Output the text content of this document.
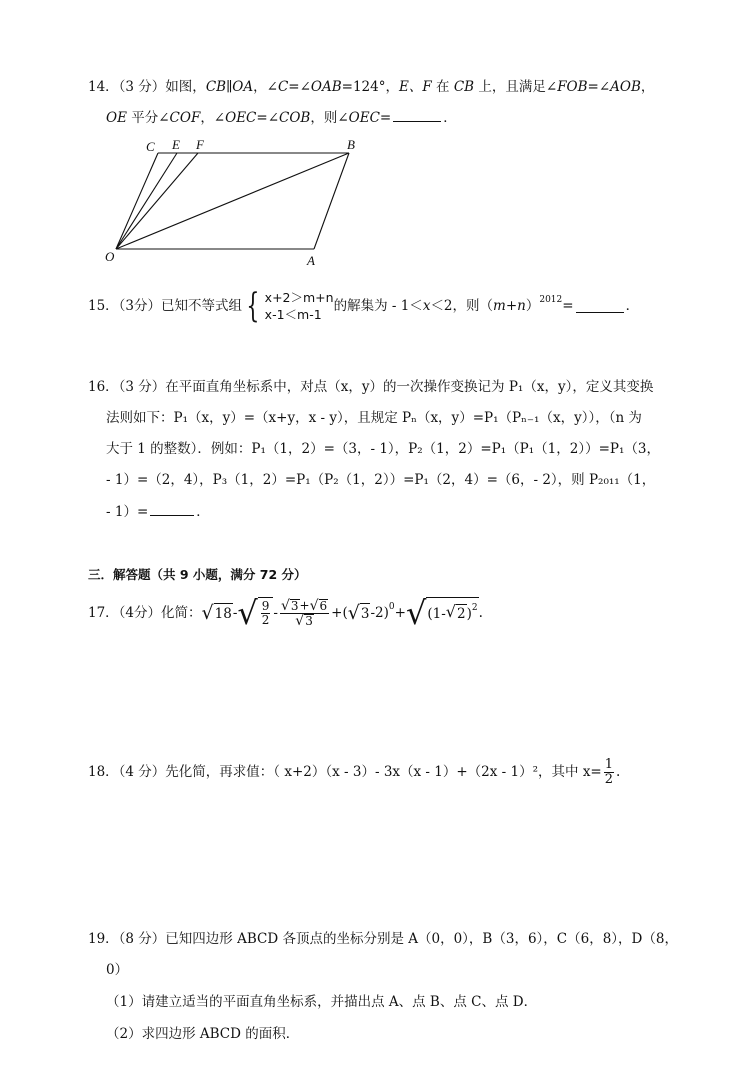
14．（3 分）如图，CB∥OA，∠C=∠OAB=124°，E、F 在 CB 上，且满足∠FOB=∠AOB，
OE 平分∠COF，∠OEC=∠COB，则∠OEC=	．
C E F	B
O	A
15．（3分）已知不等式组 { x+2＞m+n
x-1＜m-1
的解集为 - 1＜ x ＜2，则（ m+n ） 2012 =	．
16．（3 分）在平面直角坐标系中，对点（x，y）的一次操作变换记为 P₁（x，y），定义其变换
法则如下：P₁（x，y）=（x+y，x - y），且规定 Pₙ（x，y）=P₁（Pₙ₋₁（x，y）），（n 为
大于 1 的整数）．例如：P₁（1，2）=（3，- 1），P₂（1，2）=P₁（P₁（1，2））=P₁（3，
- 1）=（2，4），P₃（1，2）=P₁（P₂（1，2））=P₁（2，4）=（6，- 2），则 P₂₀₁₁（1，
- 1）=	．
三．解答题（共 9 小题，满分 72 分）
17．（4分）化简： √ 18 - √ $\frac{9}{2} - \frac{√ 3 + √ 6}{√ 3}$ +( √ 3 -2 ) 0 + √ (1- √ 2 ) 2 .
18．（4 分）先化简，再求值：（ x+2）（x - 3）- 3x（x - 1）+（2x - 1）²，其中 $x= \frac{1}{2}$ .
19．（8 分）已知四边形 ABCD 各顶点的坐标分别是 A（0，0），B（3，6），C（6，8），D（8，
0）
（1）请建立适当的平面直角坐标系，并描出点 A、点 B、点 C、点 D．
（2）求四边形 ABCD 的面积．
